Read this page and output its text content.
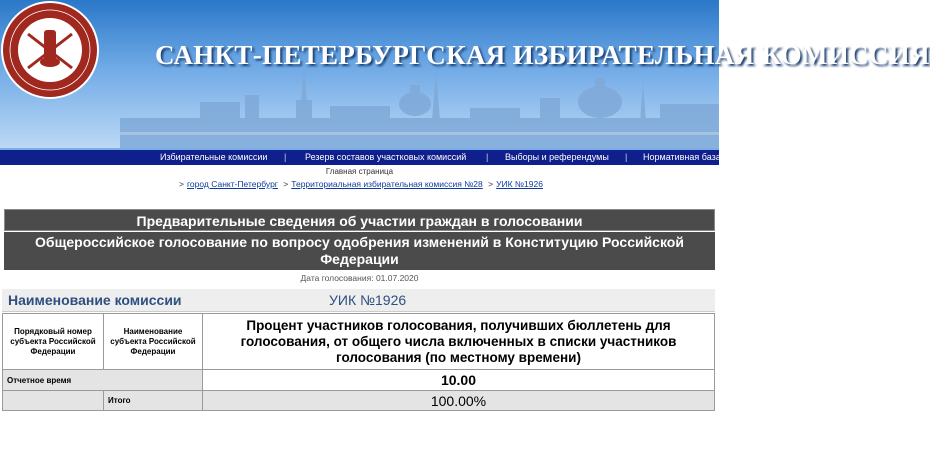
САНКТ-ПЕТЕРБУРГСКАЯ ИЗБИРАТЕЛЬНАЯ КОМИССИЯ
Избирательные комиссии | Резерв составов участковых комиссий | Выборы и референдумы | Нормативная база
Главная страница
> город Санкт-Петербург > Территориальная избирательная комиссия №28 > УИК №1926
Предварительные сведения об участии граждан в голосовании
Общероссийское голосование по вопросу одобрения изменений в Конституцию Российской Федерации
Дата голосования: 01.07.2020
Наименование комиссии	УИК №1926
Порядковый номер субъекта Российской Федерации	Наименование субъекта Российской Федерации	Процент участников голосования, получивших бюллетень для голосования, от общего числа включенных в списки участников голосования (по местному времени)
Отчетное время		10.00
	Итого	100.00%
